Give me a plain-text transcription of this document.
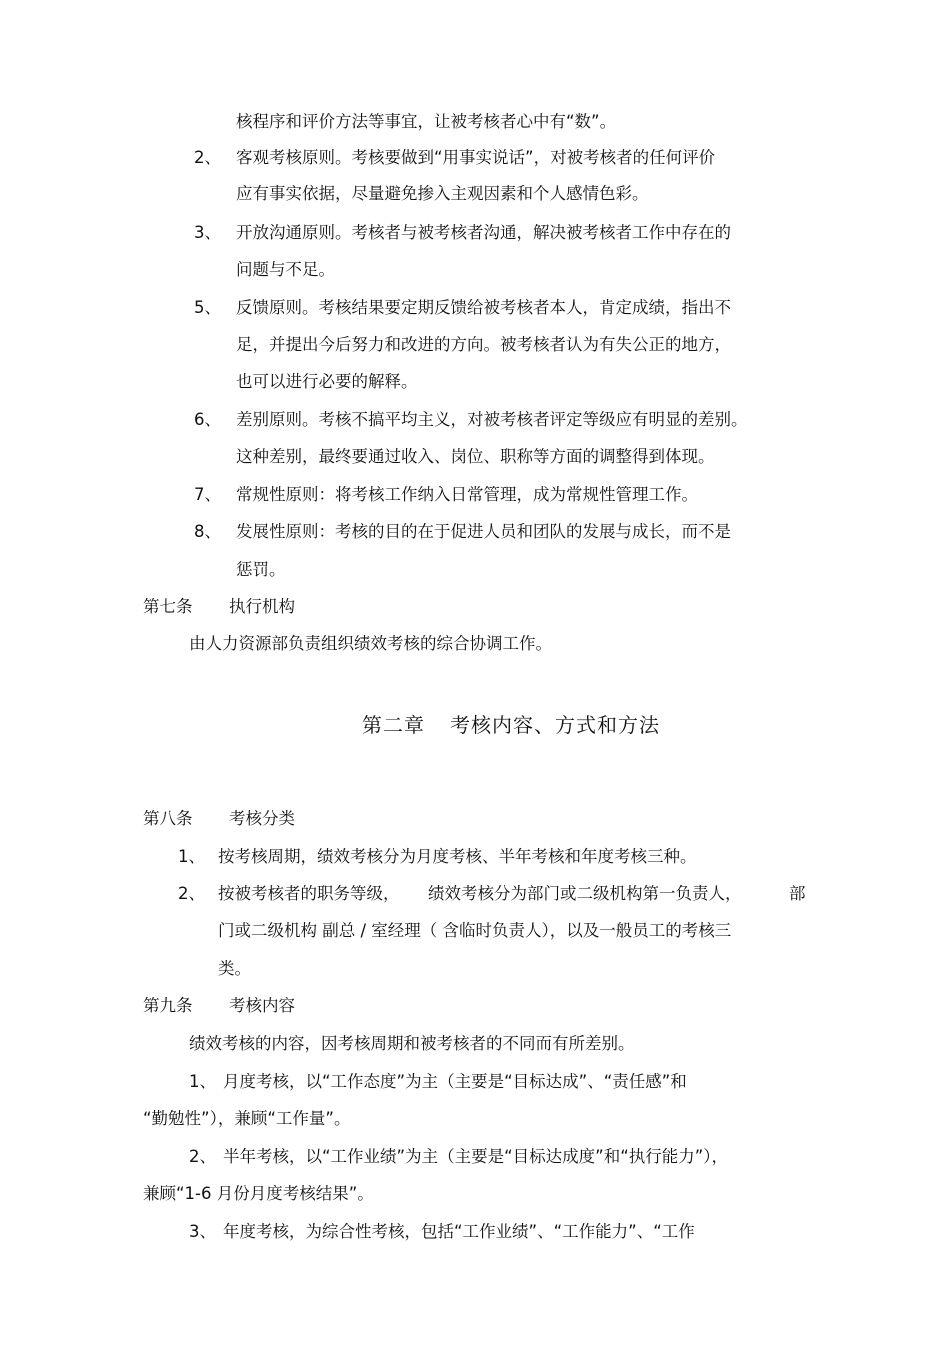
核程序和评价方法等事宜，让被考核者心中有“数”。
2、 客观考核原则。考核要做到“用事实说话”，对被考核者的任何评价
应有事实依据，尽量避免掺入主观因素和个人感情色彩。
3、 开放沟通原则。考核者与被考核者沟通，解决被考核者工作中存在的
问题与不足。
5、 反馈原则。考核结果要定期反馈给被考核者本人，肯定成绩，指出不
足，并提出今后努力和改进的方向。被考核者认为有失公正的地方，
也可以进行必要的解释。
6、 差别原则。考核不搞平均主义，对被考核者评定等级应有明显的差别。
这种差别，最终要通过收入、岗位、职称等方面的调整得到体现。
7、 常规性原则：将考核工作纳入日常管理，成为常规性管理工作。
8、 发展性原则：考核的目的在于促进人员和团队的发展与成长，而不是
惩罚。
第七条 执行机构
由人力资源部负责组织绩效考核的综合协调工作。
第二章 考核内容、方式和方法
第八条 考核分类
1、 按考核周期，绩效考核分为月度考核、半年考核和年度考核三种。
2、 按被考核者的职务等级， 绩效考核分为部门或二级机构第一负责人，	部
门或二级机构 副总 / 室经理（ 含临时负责人），以及一般员工的考核三
类。
第九条 考核内容
绩效考核的内容，因考核周期和被考核者的不同而有所差别。
1、 月度考核，以“工作态度”为主（主要是“目标达成”、“责任感”和
“勤勉性”），兼顾“工作量”。
2、 半年考核，以“工作业绩”为主（主要是“目标达成度”和“执行能力”），
兼顾“1-6 月份月度考核结果”。
3、 年度考核，为综合性考核，包括“工作业绩”、“工作能力”、“工作
